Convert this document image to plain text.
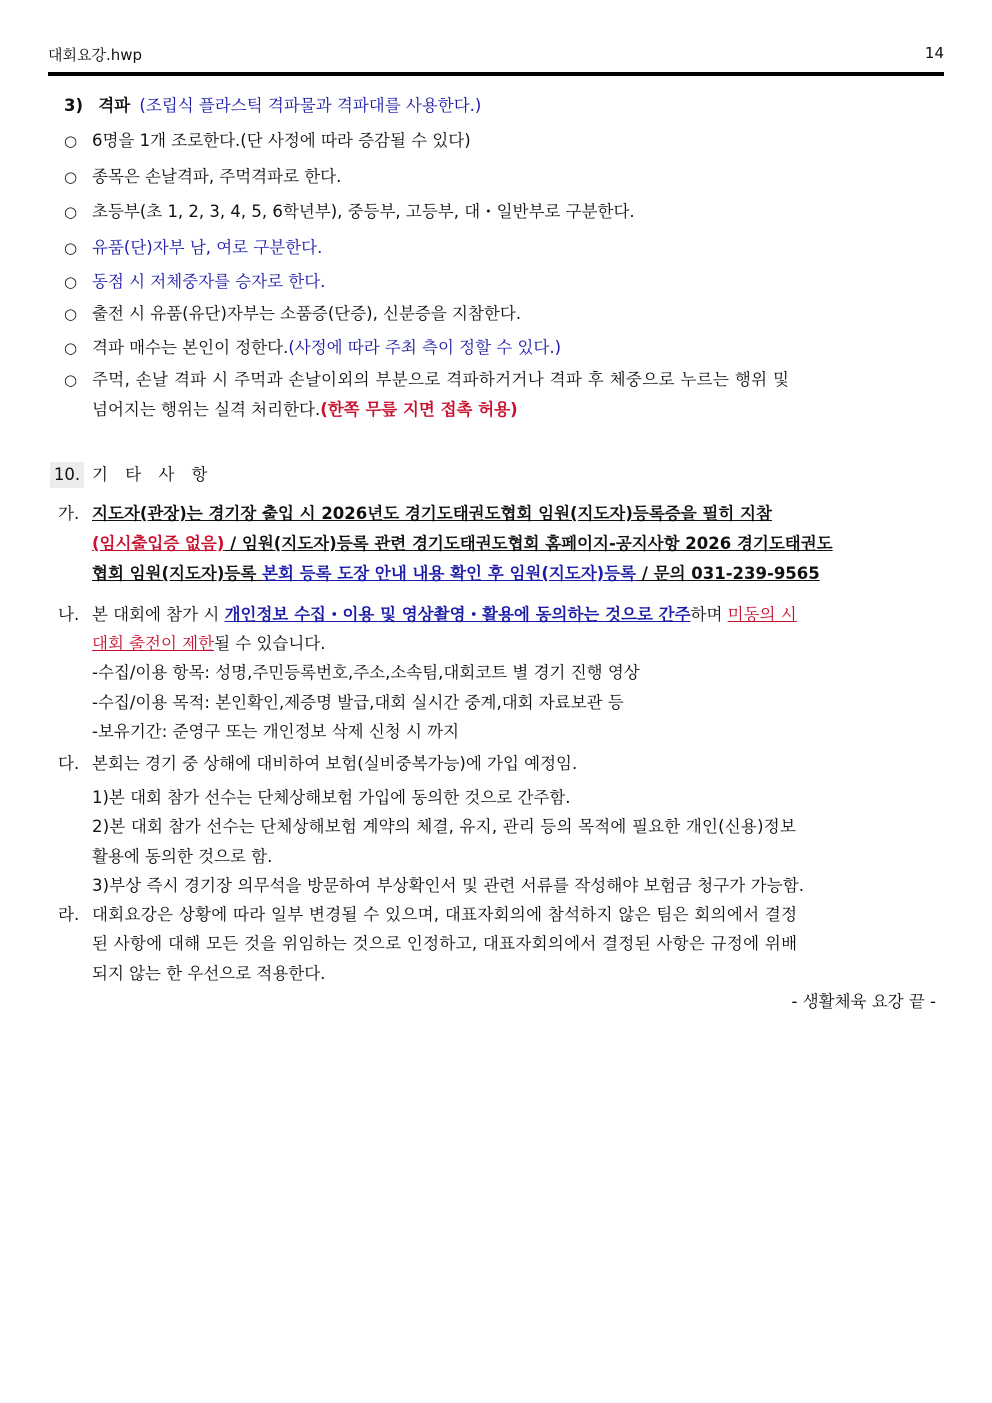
대회요강.hwp	14
3) 격파 (조립식 플라스틱 격파물과 격파대를 사용한다.)
○ 6명을 1개 조로한다.(단 사정에 따라 증감될 수 있다)
○ 종목은 손날격파, 주먹격파로 한다.
○ 초등부(초 1, 2, 3, 4, 5, 6학년부), 중등부, 고등부, 대・일반부로 구분한다.
○ 유품(단)자부 남, 여로 구분한다.
○ 동점 시 저체중자를 승자로 한다.
○ 출전 시 유품(유단)자부는 소품증(단증), 신분증을 지참한다.
○ 격파 매수는 본인이 정한다.(사정에 따라 주최 측이 정할 수 있다.)
○ 주먹, 손날 격파 시 주먹과 손날이외의 부분으로 격파하거거나 격파 후 체중으로 누르는 행위 및
넘어지는 행위는 실격 처리한다.(한쪽 무릎 지면 접촉 허용)
10. 기 타 사 항
가. 지도자(관장)는 경기장 출입 시 2026년도 경기도태권도협회 임원(지도자)등록증을 필히 지참
(임시출입증 없음) / 임원(지도자)등록 관련 경기도태권도협회 홈페이지-공지사항 2026 경기도태권도
협회 임원(지도자)등록 본회 등록 도장 안내 내용 확인 후 임원(지도자)등록 / 문의 031-239-9565
나. 본 대회에 참가 시 개인정보 수집・이용 및 영상촬영・활용에 동의하는 것으로 간주하며 미동의 시
대회 출전이 제한될 수 있습니다.
-수집/이용 항목: 성명,주민등록번호,주소,소속팀,대회코트 별 경기 진행 영상
-수집/이용 목적: 본인확인,제증명 발급,대회 실시간 중계,대회 자료보관 등
-보유기간: 준영구 또는 개인정보 삭제 신청 시 까지
다. 본회는 경기 중 상해에 대비하여 보험(실비중복가능)에 가입 예정임.
1)본 대회 참가 선수는 단체상해보험 가입에 동의한 것으로 간주함.
2)본 대회 참가 선수는 단체상해보험 계약의 체결, 유지, 관리 등의 목적에 필요한 개인(신용)정보
활용에 동의한 것으로 함.
3)부상 즉시 경기장 의무석을 방문하여 부상확인서 및 관련 서류를 작성해야 보험금 청구가 가능함.
라. 대회요강은 상황에 따라 일부 변경될 수 있으며, 대표자회의에 참석하지 않은 팀은 회의에서 결정
된 사항에 대해 모든 것을 위임하는 것으로 인정하고, 대표자회의에서 결정된 사항은 규정에 위배
되지 않는 한 우선으로 적용한다.
- 생활체육 요강 끝 -
